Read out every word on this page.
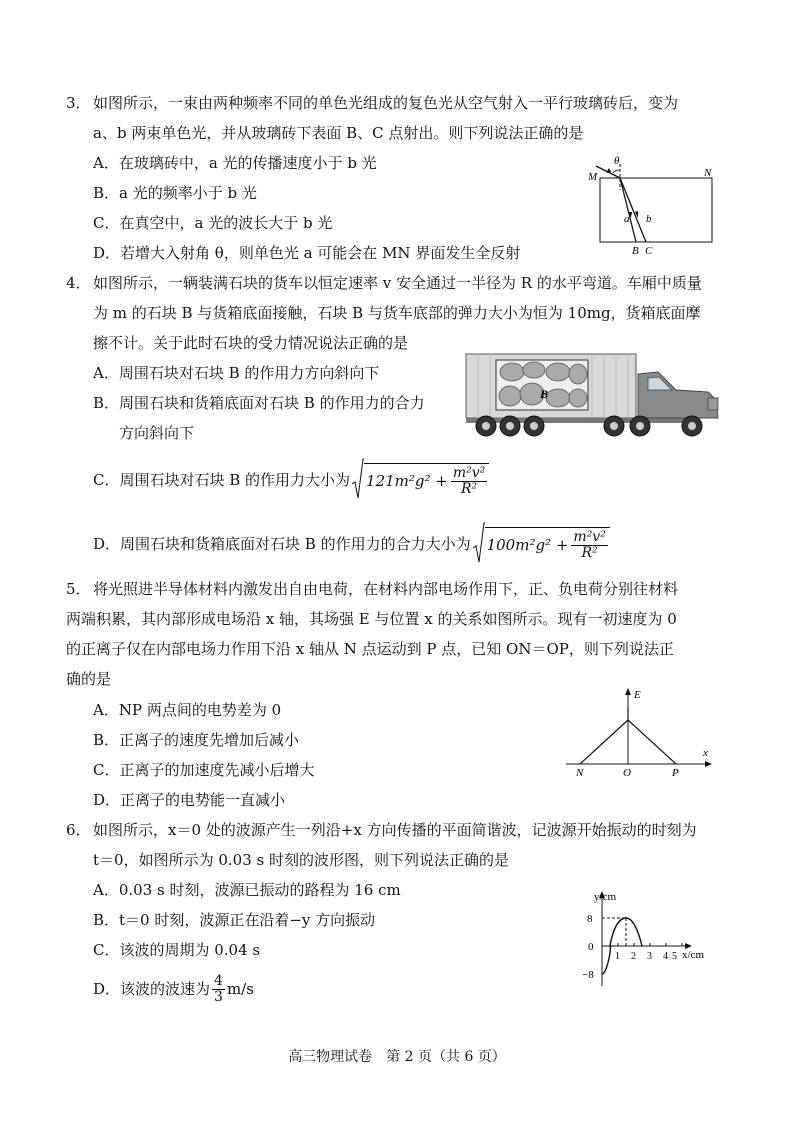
3． 如图所示，一束由两种频率不同的单色光组成的复色光从空气射入一平行玻璃砖后，变为
a、b 两束单色光，并从玻璃砖下表面 B、C 点射出。则下列说法正确的是
A．在玻璃砖中，a 光的传播速度小于 b 光
B．a 光的频率小于 b 光
C．在真空中，a 光的波长大于 b 光
D．若增大入射角 θ，则单色光 a 可能会在 MN 界面发生全反射
θ
M	N
a b
B C
4． 如图所示，一辆装满石块的货车以恒定速率 v 安全通过一半径为 R 的水平弯道。车厢中质量
为 m 的石块 B 与货箱底面接触，石块 B 与货车底部的弹力大小为恒为 10mg，货箱底面摩
擦不计。关于此时石块的受力情况说法正确的是
A．周围石块对石块 B 的作用力方向斜向下
B．周围石块和货箱底面对石块 B 的作用力的合力
方向斜向下
C．周围石块对石块 B 的作用力大小为 $121m^2g^2 + \frac{\text{m²v²}}{\text{R²}}$
D．周围石块和货箱底面对石块 B 的作用力的合力大小为 $100m^2g^2 + \frac{\text{m²v²}}{\text{R²}}$
B
5． 将光照进半导体材料内激发出自由电荷，在材料内部电场作用下，正、负电荷分别往材料
两端积累，其内部形成电场沿 x 轴，其场强 E 与位置 x 的关系如图所示。现有一初速度为 0
的正离子仅在内部电场力作用下沿 x 轴从 N 点运动到 P 点，已知 ON＝OP，则下列说法正
确的是
A．NP 两点间的电势差为 0
B．正离子的速度先增加后减小
C．正离子的加速度先减小后增大
D．正离子的电势能一直减小
E
x
N	O	P
6． 如图所示，x＝0 处的波源产生一列沿+x 方向传播的平面简谐波，记波源开始振动的时刻为
t＝0，如图所示为 0.03 s 时刻的波形图，则下列说法正确的是
A．0.03 s 时刻，波源已振动的路程为 16 cm
B．t＝0 时刻，波源正在沿着−y 方向振动
C．该波的周期为 0.04 s
D．该波的波速为 $\frac{4}{3} m/s$
y/cm
x/cm
8
0
−8
1 2 3 4 5
高三物理试卷　第 2 页（共 6 页）
